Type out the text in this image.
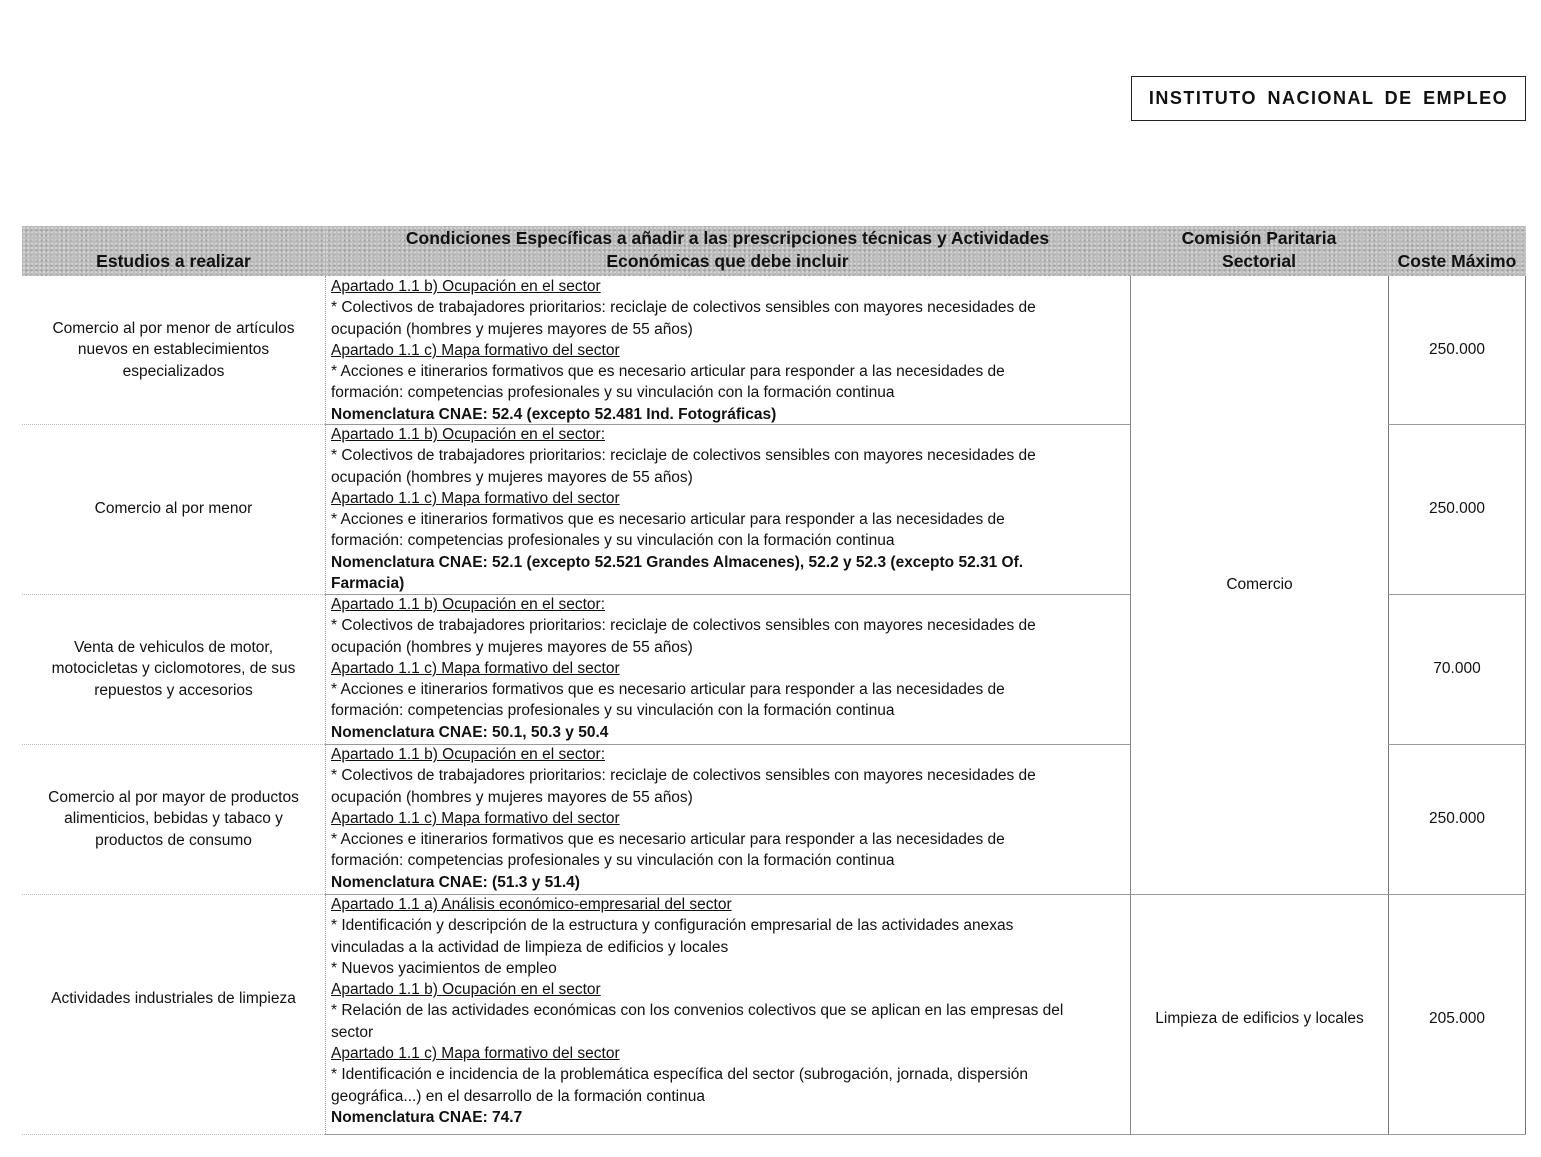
INSTITUTO NACIONAL DE EMPLEO
Estudios a realizar
Condiciones Específicas a añadir a las prescripciones técnicas y Actividades
Económicas que debe incluir
Comisión Paritaria
Sectorial	Coste Máximo
Comercio al por menor de artículos nuevos en establecimientos especializados
Apartado 1.1 b) Ocupación en el sector
* Colectivos de trabajadores prioritarios: reciclaje de colectivos sensibles con mayores necesidades de
ocupación (hombres y mujeres mayores de 55 años)
Apartado 1.1 c) Mapa formativo del sector
* Acciones e itinerarios formativos que es necesario articular para responder a las necesidades de
formación: competencias profesionales y su vinculación con la formación continua
Nomenclatura CNAE: 52.4 (excepto 52.481 Ind. Fotográficas)
250.000
Comercio al por menor
Apartado 1.1 b) Ocupación en el sector:
* Colectivos de trabajadores prioritarios: reciclaje de colectivos sensibles con mayores necesidades de
ocupación (hombres y mujeres mayores de 55 años)
Apartado 1.1 c) Mapa formativo del sector
* Acciones e itinerarios formativos que es necesario articular para responder a las necesidades de
formación: competencias profesionales y su vinculación con la formación continua
Nomenclatura CNAE: 52.1 (excepto 52.521 Grandes Almacenes), 52.2 y 52.3 (excepto 52.31 Of.
Farmacia)
250.000
Venta de vehiculos de motor, motocicletas y ciclomotores, de sus repuestos y accesorios
Apartado 1.1 b) Ocupación en el sector:
* Colectivos de trabajadores prioritarios: reciclaje de colectivos sensibles con mayores necesidades de
ocupación (hombres y mujeres mayores de 55 años)
Apartado 1.1 c) Mapa formativo del sector
* Acciones e itinerarios formativos que es necesario articular para responder a las necesidades de
formación: competencias profesionales y su vinculación con la formación continua
Nomenclatura CNAE: 50.1, 50.3 y 50.4
70.000
Comercio al por mayor de productos alimenticios, bebidas y tabaco y productos de consumo
Apartado 1.1 b) Ocupación en el sector:
* Colectivos de trabajadores prioritarios: reciclaje de colectivos sensibles con mayores necesidades de
ocupación (hombres y mujeres mayores de 55 años)
Apartado 1.1 c) Mapa formativo del sector
* Acciones e itinerarios formativos que es necesario articular para responder a las necesidades de
formación: competencias profesionales y su vinculación con la formación continua
Nomenclatura CNAE: (51.3 y 51.4)
250.000
Comercio
Actividades industriales de limpieza
Apartado 1.1 a) Análisis económico-empresarial del sector
* Identificación y descripción de la estructura y configuración empresarial de las actividades anexas
vinculadas a la actividad de limpieza de edificios y locales
* Nuevos yacimientos de empleo
Apartado 1.1 b) Ocupación en el sector
* Relación de las actividades económicas con los convenios colectivos que se aplican en las empresas del
sector
Apartado 1.1 c) Mapa formativo del sector
* Identificación e incidencia de la problemática específica del sector (subrogación, jornada, dispersión
geográfica...) en el desarrollo de la formación continua
Nomenclatura CNAE: 74.7
Limpieza de edificios y locales	205.000
